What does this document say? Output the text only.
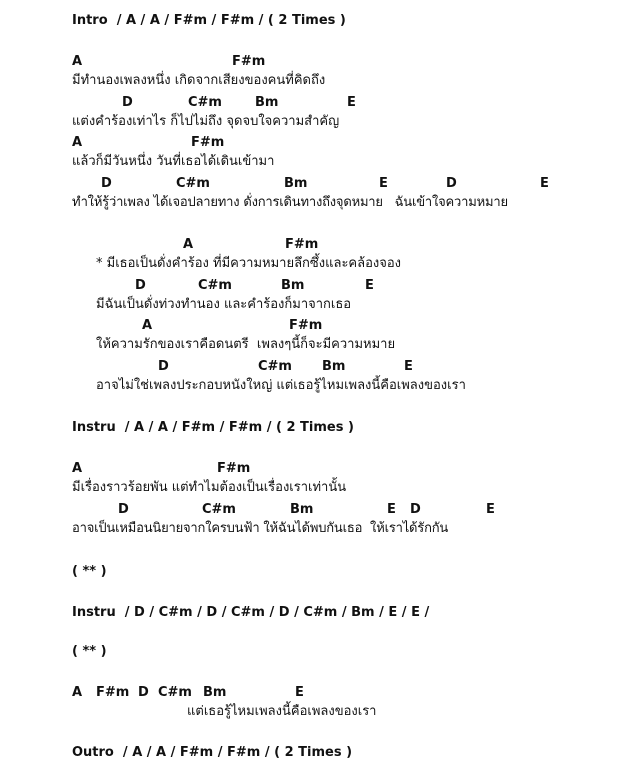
Intro  / A / A / F#m / F#m / ( 2 Times )
A	F#m
มีทำนองเพลงหนึ่ง เกิดจากเสียงของคนที่คิดถึง
D	C#m	Bm	E
แต่งคำร้องเท่าไร ก็ไปไม่ถึง จุดจบใจความสำคัญ
A	F#m
แล้วก็มีวันหนึ่ง วันที่เธอได้เดินเข้ามา
D	C#m	Bm	E	D	E
ทำให้รู้ว่าเพลง ได้เจอปลายทาง ดั่งการเดินทางถึงจุดหมาย   ฉันเข้าใจความหมาย
A	F#m
* มีเธอเป็นดั่งคำร้อง ที่มีความหมายลึกซึ้งและคล้องจอง
D	C#m	Bm	E
มีฉันเป็นดั่งท่วงทำนอง และคำร้องก็มาจากเธอ
A	F#m
ให้ความรักของเราคือดนตรี  เพลงๆนี้ก็จะมีความหมาย
D	C#m Bm	E
อาจไม่ใช่เพลงประกอบหนังใหญ่ แต่เธอรู้ไหมเพลงนี้คือเพลงของเรา
Instru  / A / A / F#m / F#m / ( 2 Times )
A	F#m
มีเรื่องราวร้อยพัน แต่ทำไมต้องเป็นเรื่องเราเท่านั้น
D	C#m	Bm	E D	E
อาจเป็นเหมือนนิยายจากใครบนฟ้า ให้ฉันได้พบกันเธอ  ให้เราได้รักกัน
( ** )
Instru  / D / C#m / D / C#m / D / C#m / Bm / E / E /
( ** )
A F#m D C#m Bm	E
แต่เธอรู้ไหมเพลงนี้คือเพลงของเรา
Outro  / A / A / F#m / F#m / ( 2 Times )
